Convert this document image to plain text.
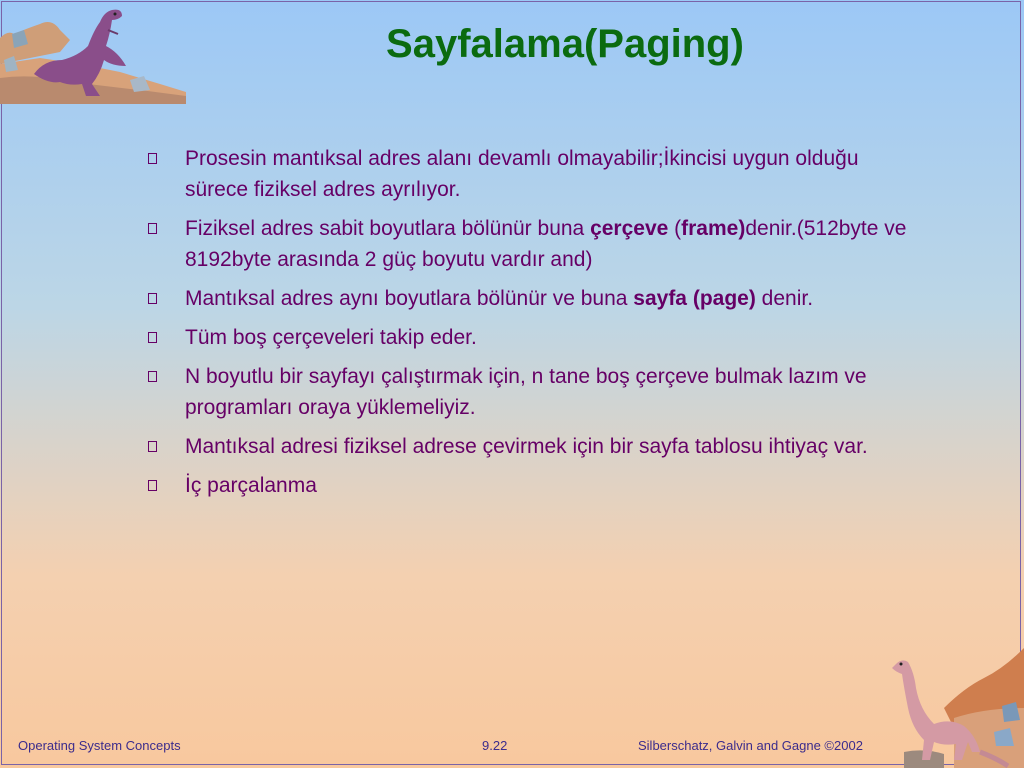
Sayfalama(Paging)
Prosesin mantıksal adres alanı devamlı olmayabilir;İkincisi uygun olduğu sürece fiziksel adres ayrılıyor.
Fiziksel adres sabit boyutlara bölünür buna çerçeve (frame)denir.(512byte ve 8192byte arasında 2 güç boyutu vardır and)
Mantıksal adres aynı boyutlara bölünür ve buna sayfa (page) denir.
Tüm boş çerçeveleri takip eder.
N boyutlu bir sayfayı çalıştırmak için, n tane boş çerçeve bulmak lazım ve programları oraya yüklemeliyiz.
Mantıksal adresi fiziksel adrese çevirmek için bir sayfa tablosu ihtiyaç var.
İç parçalanma
Operating System Concepts	9.22	Silberschatz, Galvin and Gagne ©2002
